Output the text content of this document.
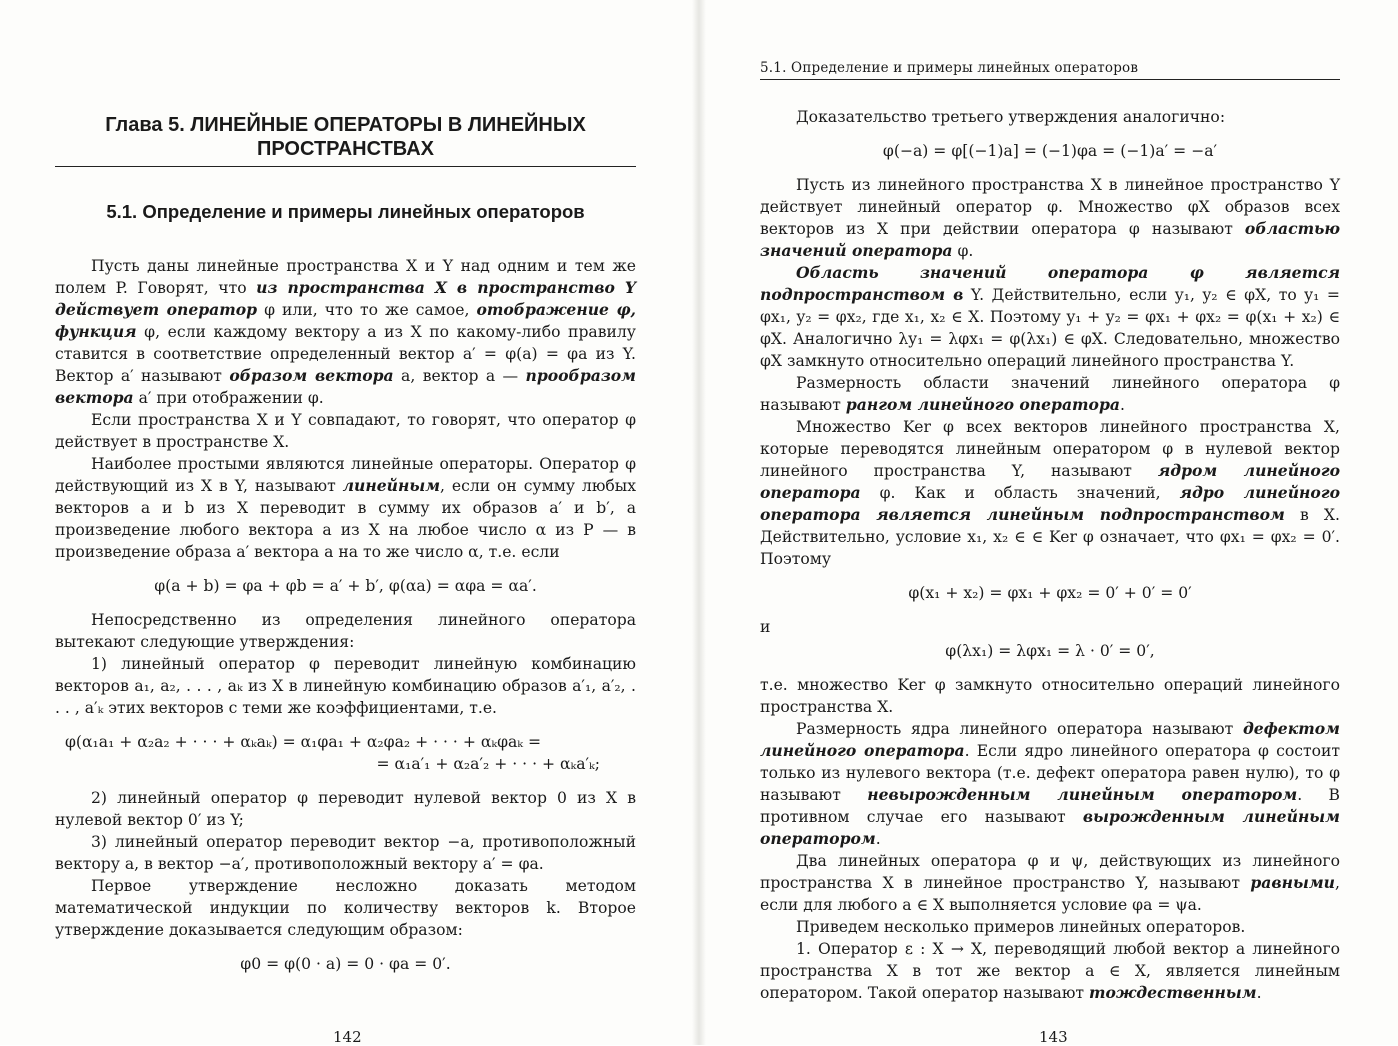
Глава 5. ЛИНЕЙНЫЕ ОПЕРАТОРЫ В ЛИНЕЙНЫХ ПРОСТРАНСТВАХ
5.1. Определение и примеры линейных операторов

Пусть даны линейные пространства X и Y над одним и тем же полем P. Говорят, что из пространства X в пространство Y действует оператор φ или, что то же самое, отображение φ, функция φ, если каждому вектору a из X по какому-либо правилу ставится в соответствие определенный вектор a′ = φ(a) = φa из Y. Вектор a′ называют образом вектора a, вектор a — прообразом вектора a′ при отображении φ.

Если пространства X и Y совпадают, то говорят, что оператор φ действует в пространстве X.

Наиболее простыми являются линейные операторы. Оператор φ действующий из X в Y, называют линейным, если он сумму любых векторов a и b из X переводит в сумму их образов a′ и b′, а произведение любого вектора a из X на любое число α из P — в произведение образа a′ вектора a на то же число α, т.е. если

φ(a + b) = φa + φb = a′ + b′, φ(αa) = αφa = αa′.

Непосредственно из определения линейного оператора вытекают следующие утверждения:

1) линейный оператор φ переводит линейную комбинацию векторов a₁, a₂, . . . , aₖ из X в линейную комбинацию образов a′₁, a′₂, . . . , a′ₖ этих векторов с теми же коэффициентами, т.е.

φ(α₁a₁ + α₂a₂ + · · · + αₖaₖ) = α₁φa₁ + α₂φa₂ + · · · + αₖφaₖ =
= α₁a′₁ + α₂a′₂ + · · · + αₖa′ₖ;

2) линейный оператор φ переводит нулевой вектор 0 из X в нулевой вектор 0′ из Y;

3) линейный оператор переводит вектор −a, противоположный вектору a, в вектор −a′, противоположный вектору a′ = φa.

Первое утверждение несложно доказать методом математической индукции по количеству векторов k. Второе утверждение доказывается следующим образом:

φ0 = φ(0 · a) = 0 · φa = 0′.
142
5.1. Определение и примеры линейных операторов

Доказательство третьего утверждения аналогично:

φ(−a) = φ[(−1)a] = (−1)φa = (−1)a′ = −a′

Пусть из линейного пространства X в линейное пространство Y действует линейный оператор φ. Множество φX образов всех векторов из X при действии оператора φ называют областью значений оператора φ.

Область значений оператора φ является подпространством в Y. Действительно, если y₁, y₂ ∈ φX, то y₁ = φx₁, y₂ = φx₂, где x₁, x₂ ∈ X. Поэтому y₁ + y₂ = φx₁ + φx₂ = φ(x₁ + x₂) ∈ φX. Аналогично λy₁ = λφx₁ = φ(λx₁) ∈ φX. Следовательно, множество φX замкнуто относительно операций линейного пространства Y.

Размерность области значений линейного оператора φ называют рангом линейного оператора.

Множество Ker φ всех векторов линейного пространства X, которые переводятся линейным оператором φ в нулевой вектор линейного пространства Y, называют ядром линейного оператора φ. Как и область значений, ядро линейного оператора является линейным подпространством в X. Действительно, условие x₁, x₂ ∈ ∈ Ker φ означает, что φx₁ = φx₂ = 0′. Поэтому

φ(x₁ + x₂) = φx₁ + φx₂ = 0′ + 0′ = 0′

и

φ(λx₁) = λφx₁ = λ · 0′ = 0′,

т.е. множество Ker φ замкнуто относительно операций линейного пространства X.

Размерность ядра линейного оператора называют дефектом линейного оператора. Если ядро линейного оператора φ состоит только из нулевого вектора (т.е. дефект оператора равен нулю), то φ называют невырожденным линейным оператором. В противном случае его называют вырожденным линейным оператором.

Два линейных оператора φ и ψ, действующих из линейного пространства X в линейное пространство Y, называют равными, если для любого a ∈ X выполняется условие φa = ψa.

Приведем несколько примеров линейных операторов.

1. Оператор ε : X → X, переводящий любой вектор a линейного пространства X в тот же вектор a ∈ X, является линейным оператором. Такой оператор называют тождественным.

143
